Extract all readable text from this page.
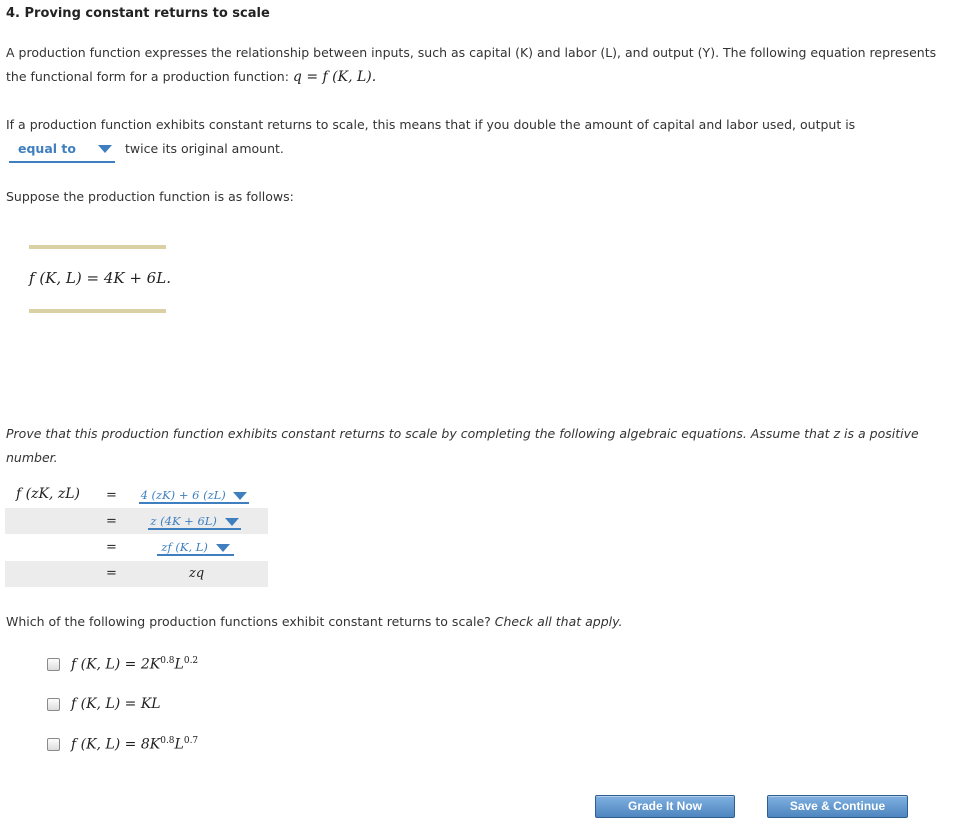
4. Proving constant returns to scale
A production function expresses the relationship between inputs, such as capital (K) and labor (L), and output (Y). The following equation represents
the functional form for a production function: q = f (K, L).
If a production function exhibits constant returns to scale, this means that if you double the amount of capital and labor used, output is
equal to	twice its original amount.
Suppose the production function is as follows:
f (K, L) = 4K + 6L.
Prove that this production function exhibits constant returns to scale by completing the following algebraic equations. Assume that z is a positive
number.
f (zK, zL) =
=
=
=
4 (zK) + 6 (zL)
z (4K + 6L)
zf (K, L)
zq
Which of the following production functions exhibit constant returns to scale? Check all that apply.
f (K, $L) = 2K^{0.8}L^{0.2}$
f (K, L) = KL
f (K, $L) = 8K^{0.8}L^{0.7}$
Grade It Now	Save & Continue
